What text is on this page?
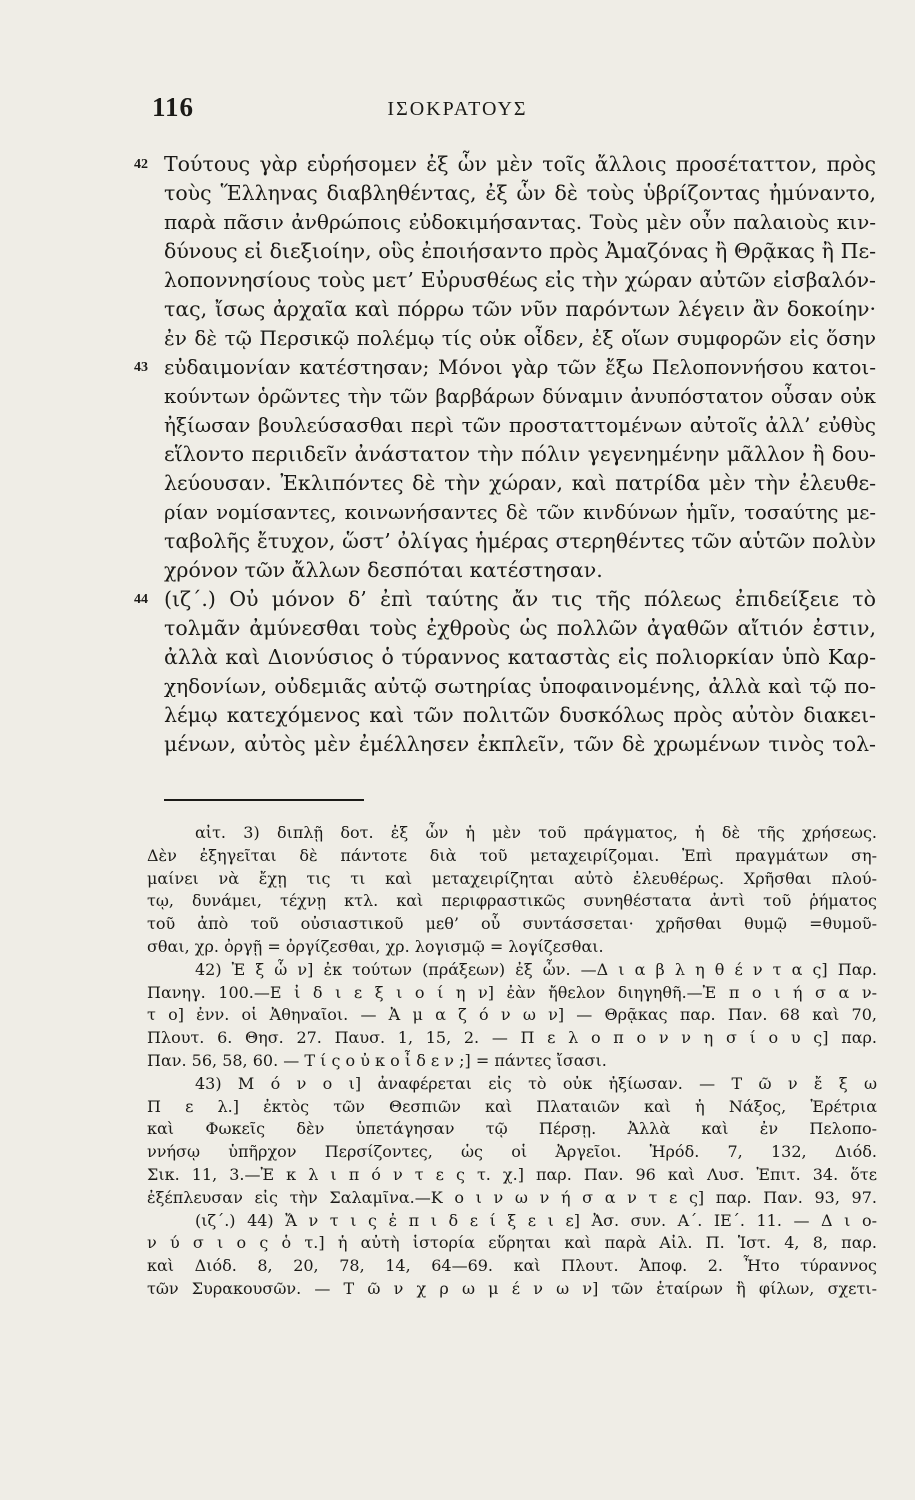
116	ΙΣΟΚΡΑΤΟΥΣ
42 Τούτους γὰρ εὑρήσομεν ἐξ ὧν μὲν τοῖς ἄλλοις προσέταττον, πρὸς
τοὺς Ἕλληνας διαβληθέντας, ἐξ ὧν δὲ τοὺς ὑβρίζοντας ἠμύναντο,
παρὰ πᾶσιν ἀνθρώποις εὐδοκιμήσαντας. Τοὺς μὲν οὖν παλαιοὺς κιν-
δύνους εἰ διεξιοίην, οὓς ἐποιήσαντο πρὸς Ἀμαζόνας ἢ Θρᾷκας ἢ Πε-
λοποννησίους τοὺς μετ’ Εὐρυσθέως εἰς τὴν χώραν αὐτῶν εἰσβαλόν-
τας, ἴσως ἀρχαῖα καὶ πόρρω τῶν νῦν παρόντων λέγειν ἂν δοκοίην·
ἐν δὲ τῷ Περσικῷ πολέμῳ τίς οὐκ οἶδεν, ἐξ οἵων συμφορῶν εἰς ὅσην
43 εὐδαιμονίαν κατέστησαν; Μόνοι γὰρ τῶν ἔξω Πελοποννήσου κατοι-
κούντων ὁρῶντες τὴν τῶν βαρβάρων δύναμιν ἀνυπόστατον οὖσαν οὐκ
ἠξίωσαν βουλεύσασθαι περὶ τῶν προσταττομένων αὐτοῖς ἀλλ’ εὐθὺς
εἵλοντο περιιδεῖν ἀνάστατον τὴν πόλιν γεγενημένην μᾶλλον ἢ δου-
λεύουσαν. Ἐκλιπόντες δὲ τὴν χώραν, καὶ πατρίδα μὲν τὴν ἐλευθε-
ρίαν νομίσαντες, κοινωνήσαντες δὲ τῶν κινδύνων ἡμῖν, τοσαύτης με-
ταβολῆς ἔτυχον, ὥστ’ ὀλίγας ἡμέρας στερηθέντες τῶν αὑτῶν πολὺν
χρόνον τῶν ἄλλων δεσπόται κατέστησαν.
44 (ιζ΄.) Οὐ μόνον δ’ ἐπὶ ταύτης ἄν τις τῆς πόλεως ἐπιδείξειε τὸ
τολμᾶν ἀμύνεσθαι τοὺς ἐχθροὺς ὡς πολλῶν ἀγαθῶν αἴτιόν ἐστιν,
ἀλλὰ καὶ Διονύσιος ὁ τύραννος καταστὰς εἰς πολιορκίαν ὑπὸ Καρ-
χηδονίων, οὐδεμιᾶς αὐτῷ σωτηρίας ὑποφαινομένης, ἀλλὰ καὶ τῷ πο-
λέμῳ κατεχόμενος καὶ τῶν πολιτῶν δυσκόλως πρὸς αὐτὸν διακει-
μένων, αὐτὸς μὲν ἐμέλλησεν ἐκπλεῖν, τῶν δὲ χρωμένων τινὸς τολ-
αἰτ. 3) διπλῇ δοτ. ἐξ ὧν ἡ μὲν τοῦ πράγματος, ἡ δὲ τῆς χρήσεως.
Δὲν ἐξηγεῖται δὲ πάντοτε διὰ τοῦ μεταχειρίζομαι. Ἐπὶ πραγμάτων ση-
μαίνει νὰ ἔχῃ τις τι καὶ μεταχειρίζηται αὐτὸ ἐλευθέρως. Χρῆσθαι πλού-
τῳ, δυνάμει, τέχνῃ κτλ. καὶ περιφραστικῶς συνηθέστατα ἀντὶ τοῦ ῥήματος
τοῦ ἀπὸ τοῦ οὐσιαστικοῦ μεθ’ οὗ συντάσσεται· χρῆσθαι θυμῷ =θυμοῦ-
σθαι, χρ. ὀργῇ = ὀργίζεσθαι, χρ. λογισμῷ = λογίζεσθαι.
42) Ἐ ξ ὧ ν] ἐκ τούτων (πράξεων) ἐξ ὧν. —Δ ι α β λ η θ έ ν τ α ς] Παρ.
Πανηγ. 100.—Ε ἰ δ ι ε ξ ι ο ί η ν] ἐὰν ἤθελον διηγηθῆ.—Ἐ π ο ι ή σ α ν-
τ ο] ἐνν. οἱ Ἀθηναῖοι. — Ἀ μ α ζ ό ν ω ν] — Θρᾷκας παρ. Παν. 68 καὶ 70,
Πλουτ. 6. Θησ. 27. Παυσ. 1, 15, 2. — Π ε λ ο π ο ν ν η σ ί ο υ ς] παρ.
Παν. 56, 58, 60. — Τ ί ς ο ὐ κ ο ἶ δ ε ν ;] = πάντες ἴσασι.
43) Μ ό ν ο ι] ἀναφέρεται εἰς τὸ οὐκ ἠξίωσαν. — Τ ῶ ν ἔ ξ ω
Π ε λ.] ἐκτὸς τῶν Θεσπιῶν καὶ Πλαταιῶν καὶ ἡ Νάξος, Ἐρέτρια
καὶ Φωκεῖς δὲν ὑπετάγησαν τῷ Πέρσῃ. Ἀλλὰ καὶ ἐν Πελοπο-
ννήσῳ ὑπῆρχον Περσίζοντες, ὡς οἱ Ἀργεῖοι. Ἡρόδ. 7, 132, Διόδ.
Σικ. 11, 3.—Ἐ κ λ ι π ό ν τ ε ς τ. χ.] παρ. Παν. 96 καὶ Λυσ. Ἐπιτ. 34. ὅτε
ἐξέπλευσαν εἰς τὴν Σαλαμῖνα.—Κ ο ι ν ω ν ή σ α ν τ ε ς] παρ. Παν. 93, 97.
(ιζ΄.) 44) Ἄ ν τ ι ς ἐ π ι δ ε ί ξ ε ι ε] Ἀσ. συν. Α΄. ΙΕ΄. 11. — Δ ι ο-
ν ύ σ ι ο ς ὁ τ.] ἡ αὐτὴ ἱστορία εὕρηται καὶ παρὰ Αἰλ. Π. Ἱστ. 4, 8, παρ.
καὶ Διόδ. 8, 20, 78, 14, 64—69. καὶ Πλουτ. Ἀποφ. 2. Ἦτο τύραννος
τῶν Συρακουσῶν. — Τ ῶ ν χ ρ ω μ έ ν ω ν] τῶν ἑταίρων ἢ φίλων, σχετι-
